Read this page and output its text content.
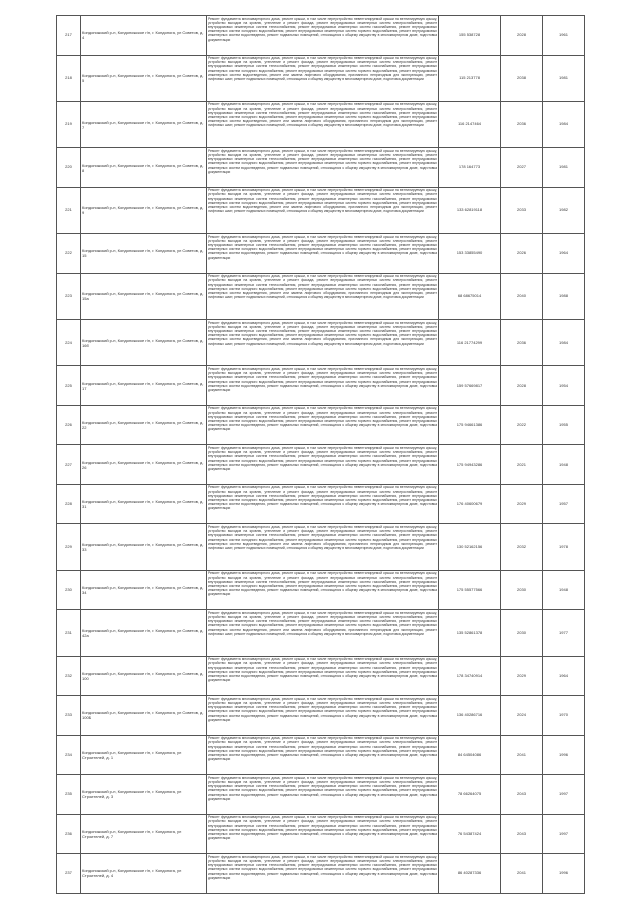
217	Кондопожский р-н, Кондопожское г/п, г. Кондопога, ул Советов, д. 4	Ремонт фундамента многоквартирного дома, ремонт крыши, в том числе переустройство невентилируемой крыши на вентилируемую крышу, устройство выходов на кровлю, утепление и ремонт фасада, ремонт внутридомовых инженерных систем электроснабжения, ремонт внутридомовых инженерных систем теплоснабжения, ремонт внутридомовых инженерных систем газоснабжения, ремонт внутридомовых инженерных систем холодного водоснабжения, ремонт внутридомовых инженерных систем горячего водоснабжения, ремонт внутридомовых инженерных систем водоотведения, ремонт подвальных помещений, относящихся к общему имуществу в многоквартирном доме, подготовка документации	155 538728	2028	1961
218	Кондопожский р-н, Кондопожское г/п, г. Кондопога, ул Советов, д. 5	Ремонт фундамента многоквартирного дома, ремонт крыши, в том числе переустройство невентилируемой крыши на вентилируемую крышу, устройство выходов на кровлю, утепление и ремонт фасада, ремонт внутридомовых инженерных систем электроснабжения, ремонт внутридомовых инженерных систем теплоснабжения, ремонт внутридомовых инженерных систем газоснабжения, ремонт внутридомовых инженерных систем холодного водоснабжения, ремонт внутридомовых инженерных систем горячего водоснабжения, ремонт внутридомовых инженерных систем водоотведения, ремонт или замена лифтового оборудования, признанного непригодным для эксплуатации, ремонт лифтовых шахт, ремонт подвальных помещений, относящихся к общему имуществу в многоквартирном доме, подготовка документации	115 213778	2038	1981
219	Кондопожский р-н, Кондопожское г/п, г. Кондопога, ул Советов, д. 7	Ремонт фундамента многоквартирного дома, ремонт крыши, в том числе переустройство невентилируемой крыши на вентилируемую крышу, устройство выходов на кровлю, утепление и ремонт фасада, ремонт внутридомовых инженерных систем электроснабжения, ремонт внутридомовых инженерных систем теплоснабжения, ремонт внутридомовых инженерных систем газоснабжения, ремонт внутридомовых инженерных систем холодного водоснабжения, ремонт внутридомовых инженерных систем горячего водоснабжения, ремонт внутридомовых инженерных систем водоотведения, ремонт или замена лифтового оборудования, признанного непригодным для эксплуатации, ремонт лифтовых шахт, ремонт подвальных помещений, относящихся к общему имуществу в многоквартирном доме, подготовка документации	116 2147464	2036	1984
220	Кондопожский р-н, Кондопожское г/п, г. Кондопога, ул Советов, д. 8	Ремонт фундамента многоквартирного дома, ремонт крыши, в том числе переустройство невентилируемой крыши на вентилируемую крышу, устройство выходов на кровлю, утепление и ремонт фасада, ремонт внутридомовых инженерных систем электроснабжения, ремонт внутридомовых инженерных систем теплоснабжения, ремонт внутридомовых инженерных систем газоснабжения, ремонт внутридомовых инженерных систем холодного водоснабжения, ремонт внутридомовых инженерных систем горячего водоснабжения, ремонт внутридомовых инженерных систем водоотведения, ремонт подвальных помещений, относящихся к общему имуществу в многоквартирном доме, подготовка документации	178 164773	2027	1981
221	Кондопожский р-н, Кондопожское г/п, г. Кондопога, ул Советов, д. 9	Ремонт фундамента многоквартирного дома, ремонт крыши, в том числе переустройство невентилируемой крыши на вентилируемую крышу, устройство выходов на кровлю, утепление и ремонт фасада, ремонт внутридомовых инженерных систем электроснабжения, ремонт внутридомовых инженерных систем теплоснабжения, ремонт внутридомовых инженерных систем газоснабжения, ремонт внутридомовых инженерных систем холодного водоснабжения, ремонт внутридомовых инженерных систем горячего водоснабжения, ремонт внутридомовых инженерных систем водоотведения, ремонт или замена лифтового оборудования, признанного непригодным для эксплуатации, ремонт лифтовых шахт, ремонт подвальных помещений, относящихся к общему имуществу в многоквартирном доме, подготовка документации	133 62819118	2033	1982
222	Кондопожский р-н, Кондопожское г/п, г. Кондопога, ул Советов, д. 15	Ремонт фундамента многоквартирного дома, ремонт крыши, в том числе переустройство невентилируемой крыши на вентилируемую крышу, устройство выходов на кровлю, утепление и ремонт фасада, ремонт внутридомовых инженерных систем электроснабжения, ремонт внутридомовых инженерных систем теплоснабжения, ремонт внутридомовых инженерных систем газоснабжения, ремонт внутридомовых инженерных систем холодного водоснабжения, ремонт внутридомовых инженерных систем горячего водоснабжения, ремонт внутридомовых инженерных систем водоотведения, ремонт подвальных помещений, относящихся к общему имуществу в многоквартирном доме, подготовка документации	153 33855490	2026	1964
223	Кондопожский р-н, Кондопожское г/п, г. Кондопога, ул Советов, д. 15а	Ремонт фундамента многоквартирного дома, ремонт крыши, в том числе переустройство невентилируемой крыши на вентилируемую крышу, устройство выходов на кровлю, утепление и ремонт фасада, ремонт внутридомовых инженерных систем электроснабжения, ремонт внутридомовых инженерных систем теплоснабжения, ремонт внутридомовых инженерных систем газоснабжения, ремонт внутридомовых инженерных систем холодного водоснабжения, ремонт внутридомовых инженерных систем горячего водоснабжения, ремонт внутридомовых инженерных систем водоотведения, ремонт или замена лифтового оборудования, признанного непригодным для эксплуатации, ремонт лифтовых шахт, ремонт подвальных помещений, относящихся к общему имуществу в многоквартирном доме, подготовка документации	68 68675014	2040	1988
224	Кондопожский р-н, Кондопожское г/п, г. Кондопога, ул Советов, д. 16б	Ремонт фундамента многоквартирного дома, ремонт крыши, в том числе переустройство невентилируемой крыши на вентилируемую крышу, устройство выходов на кровлю, утепление и ремонт фасада, ремонт внутридомовых инженерных систем электроснабжения, ремонт внутридомовых инженерных систем теплоснабжения, ремонт внутридомовых инженерных систем газоснабжения, ремонт внутридомовых инженерных систем холодного водоснабжения, ремонт внутридомовых инженерных систем горячего водоснабжения, ремонт внутридомовых инженерных систем водоотведения, ремонт или замена лифтового оборудования, признанного непригодным для эксплуатации, ремонт лифтовых шахт, ремонт подвальных помещений, относящихся к общему имуществу в многоквартирном доме, подготовка документации	116 21774299	2036	1984
225	Кондопожский р-н, Кондопожское г/п, г. Кондопога, ул Советов, д. 17	Ремонт фундамента многоквартирного дома, ремонт крыши, в том числе переустройство невентилируемой крыши на вентилируемую крышу, устройство выходов на кровлю, утепление и ремонт фасада, ремонт внутридомовых инженерных систем электроснабжения, ремонт внутридомовых инженерных систем теплоснабжения, ремонт внутридомовых инженерных систем газоснабжения, ремонт внутридомовых инженерных систем холодного водоснабжения, ремонт внутридомовых инженерных систем горячего водоснабжения, ремонт внутридомовых инженерных систем водоотведения, ремонт подвальных помещений, относящихся к общему имуществу в многоквартирном доме, подготовка документации	159 57669817	2028	1954
226	Кондопожский р-н, Кондопожское г/п, г. Кондопога, ул Советов, д. 22	Ремонт фундамента многоквартирного дома, ремонт крыши, в том числе переустройство невентилируемой крыши на вентилируемую крышу, устройство выходов на кровлю, утепление и ремонт фасада, ремонт внутридомовых инженерных систем электроснабжения, ремонт внутридомовых инженерных систем теплоснабжения, ремонт внутридомовых инженерных систем газоснабжения, ремонт внутридомовых инженерных систем холодного водоснабжения, ремонт внутридомовых инженерных систем горячего водоснабжения, ремонт внутридомовых инженерных систем водоотведения, ремонт подвальных помещений, относящихся к общему имуществу в многоквартирном доме, подготовка документации	175 94661386	2022	1955
227	Кондопожский р-н, Кондопожское г/п, г. Кондопога, ул Советов, д. 26	Ремонт фундамента многоквартирного дома, ремонт крыши, в том числе переустройство невентилируемой крыши на вентилируемую крышу, устройство выходов на кровлю, утепление и ремонт фасада, ремонт внутридомовых инженерных систем электроснабжения, ремонт внутридомовых инженерных систем теплоснабжения, ремонт внутридомовых инженерных систем газоснабжения, ремонт внутридомовых инженерных систем холодного водоснабжения, ремонт внутридомовых инженерных систем горячего водоснабжения, ремонт внутридомовых инженерных систем водоотведения, ремонт подвальных помещений, относящихся к общему имуществу в многоквартирном доме, подготовка документации	175 94943286	2021	1948
228	Кондопожский р-н, Кондопожское г/п, г. Кондопога, ул Советов, д. 31	Ремонт фундамента многоквартирного дома, ремонт крыши, в том числе переустройство невентилируемой крыши на вентилируемую крышу, устройство выходов на кровлю, утепление и ремонт фасада, ремонт внутридомовых инженерных систем электроснабжения, ремонт внутридомовых инженерных систем теплоснабжения, ремонт внутридомовых инженерных систем газоснабжения, ремонт внутридомовых инженерных систем холодного водоснабжения, ремонт внутридомовых инженерных систем горячего водоснабжения, ремонт внутридомовых инженерных систем водоотведения, ремонт подвальных помещений, относящихся к общему имуществу в многоквартирном доме, подготовка документации	176 40600679	2029	1957
229	Кондопожский р-н, Кондопожское г/п, г. Кондопога, ул Советов, д. 33	Ремонт фундамента многоквартирного дома, ремонт крыши, в том числе переустройство невентилируемой крыши на вентилируемую крышу, устройство выходов на кровлю, утепление и ремонт фасада, ремонт внутридомовых инженерных систем электроснабжения, ремонт внутридомовых инженерных систем теплоснабжения, ремонт внутридомовых инженерных систем газоснабжения, ремонт внутридомовых инженерных систем холодного водоснабжения, ремонт внутридомовых инженерных систем горячего водоснабжения, ремонт внутридомовых инженерных систем водоотведения, ремонт или замена лифтового оборудования, признанного непригодным для эксплуатации, ремонт лифтовых шахт, ремонт подвальных помещений, относящихся к общему имуществу в многоквартирном доме, подготовка документации	130 52162156	2032	1978
230	Кондопожский р-н, Кондопожское г/п, г. Кондопога, ул Советов, д. 34	Ремонт фундамента многоквартирного дома, ремонт крыши, в том числе переустройство невентилируемой крыши на вентилируемую крышу, устройство выходов на кровлю, утепление и ремонт фасада, ремонт внутридомовых инженерных систем электроснабжения, ремонт внутридомовых инженерных систем теплоснабжения, ремонт внутридомовых инженерных систем газоснабжения, ремонт внутридомовых инженерных систем холодного водоснабжения, ремонт внутридомовых инженерных систем горячего водоснабжения, ремонт внутридомовых инженерных систем водоотведения, ремонт подвальных помещений, относящихся к общему имуществу в многоквартирном доме, подготовка документации	175 55577566	2030	1948
231	Кондопожский р-н, Кондопожское г/п, г. Кондопога, ул Советов, д. 42а	Ремонт фундамента многоквартирного дома, ремонт крыши, в том числе переустройство невентилируемой крыши на вентилируемую крышу, устройство выходов на кровлю, утепление и ремонт фасада, ремонт внутридомовых инженерных систем электроснабжения, ремонт внутридомовых инженерных систем теплоснабжения, ремонт внутридомовых инженерных систем газоснабжения, ремонт внутридомовых инженерных систем холодного водоснабжения, ремонт внутридомовых инженерных систем горячего водоснабжения, ремонт внутридомовых инженерных систем водоотведения, ремонт или замена лифтового оборудования, признанного непригодным для эксплуатации, ремонт лифтовых шахт, ремонт подвальных помещений, относящихся к общему имуществу в многоквартирном доме, подготовка документации	135 52861378	2030	1977
232	Кондопожский р-н, Кондопожское г/п, г. Кондопога, ул Советов, д. 100	Ремонт фундамента многоквартирного дома, ремонт крыши, в том числе переустройство невентилируемой крыши на вентилируемую крышу, устройство выходов на кровлю, утепление и ремонт фасада, ремонт внутридомовых инженерных систем электроснабжения, ремонт внутридомовых инженерных систем теплоснабжения, ремонт внутридомовых инженерных систем газоснабжения, ремонт внутридомовых инженерных систем холодного водоснабжения, ремонт внутридомовых инженерных систем горячего водоснабжения, ремонт внутридомовых инженерных систем водоотведения, ремонт подвальных помещений, относящихся к общему имуществу в многоквартирном доме, подготовка документации	178 34740914	2029	1964
233	Кондопожский р-н, Кондопожское г/п, г. Кондопога, ул Советов, д. 100Б	Ремонт фундамента многоквартирного дома, ремонт крыши, в том числе переустройство невентилируемой крыши на вентилируемую крышу, устройство выходов на кровлю, утепление и ремонт фасада, ремонт внутридомовых инженерных систем электроснабжения, ремонт внутридомовых инженерных систем теплоснабжения, ремонт внутридомовых инженерных систем газоснабжения, ремонт внутридомовых инженерных систем холодного водоснабжения, ремонт внутридомовых инженерных систем горячего водоснабжения, ремонт внутридомовых инженерных систем водоотведения, ремонт подвальных помещений, относящихся к общему имуществу в многоквартирном доме, подготовка документации	136 40286716	2024	1970
234	Кондопожский р-н, Кондопожское г/п, г. Кондопога, ул Строителей, д. 1	Ремонт фундамента многоквартирного дома, ремонт крыши, в том числе переустройство невентилируемой крыши на вентилируемую крышу, устройство выходов на кровлю, утепление и ремонт фасада, ремонт внутридомовых инженерных систем электроснабжения, ремонт внутридомовых инженерных систем теплоснабжения, ремонт внутридомовых инженерных систем газоснабжения, ремонт внутридомовых инженерных систем холодного водоснабжения, ремонт внутридомовых инженерных систем горячего водоснабжения, ремонт внутридомовых инженерных систем водоотведения, ремонт подвальных помещений, относящихся к общему имуществу в многоквартирном доме, подготовка документации	84 64504086	2041	1996
235	Кондопожский р-н, Кондопожское г/п, г. Кондопога, ул Строителей, д. 3	Ремонт фундамента многоквартирного дома, ремонт крыши, в том числе переустройство невентилируемой крыши на вентилируемую крышу, устройство выходов на кровлю, утепление и ремонт фасада, ремонт внутридомовых инженерных систем электроснабжения, ремонт внутридомовых инженерных систем теплоснабжения, ремонт внутридомовых инженерных систем газоснабжения, ремонт внутридомовых инженерных систем холодного водоснабжения, ремонт внутридомовых инженерных систем горячего водоснабжения, ремонт внутридомовых инженерных систем водоотведения, ремонт подвальных помещений, относящихся к общему имуществу в многоквартирном доме, подготовка документации	78 66264075	2043	1997
236	Кондопожский р-н, Кондопожское г/п, г. Кондопога, ул Строителей, д. 7	Ремонт фундамента многоквартирного дома, ремонт крыши, в том числе переустройство невентилируемой крыши на вентилируемую крышу, устройство выходов на кровлю, утепление и ремонт фасада, ремонт внутридомовых инженерных систем электроснабжения, ремонт внутридомовых инженерных систем теплоснабжения, ремонт внутридомовых инженерных систем газоснабжения, ремонт внутридомовых инженерных систем холодного водоснабжения, ремонт внутридомовых инженерных систем горячего водоснабжения, ремонт внутридомовых инженерных систем водоотведения, ремонт подвальных помещений, относящихся к общему имуществу в многоквартирном доме, подготовка документации	76 54387424	2043	1997
237	Кондопожский р-н, Кондопожское г/п, г. Кондопога, ул Строителей, д. 4	Ремонт фундамента многоквартирного дома, ремонт крыши, в том числе переустройство невентилируемой крыши на вентилируемую крышу, устройство выходов на кровлю, утепление и ремонт фасада, ремонт внутридомовых инженерных систем электроснабжения, ремонт внутридомовых инженерных систем теплоснабжения, ремонт внутридомовых инженерных систем газоснабжения, ремонт внутридомовых инженерных систем холодного водоснабжения, ремонт внутридомовых инженерных систем горячего водоснабжения, ремонт внутридомовых инженерных систем водоотведения, ремонт подвальных помещений, относящихся к общему имуществу в многоквартирном доме, подготовка документации	86 40287336	2041	1996
